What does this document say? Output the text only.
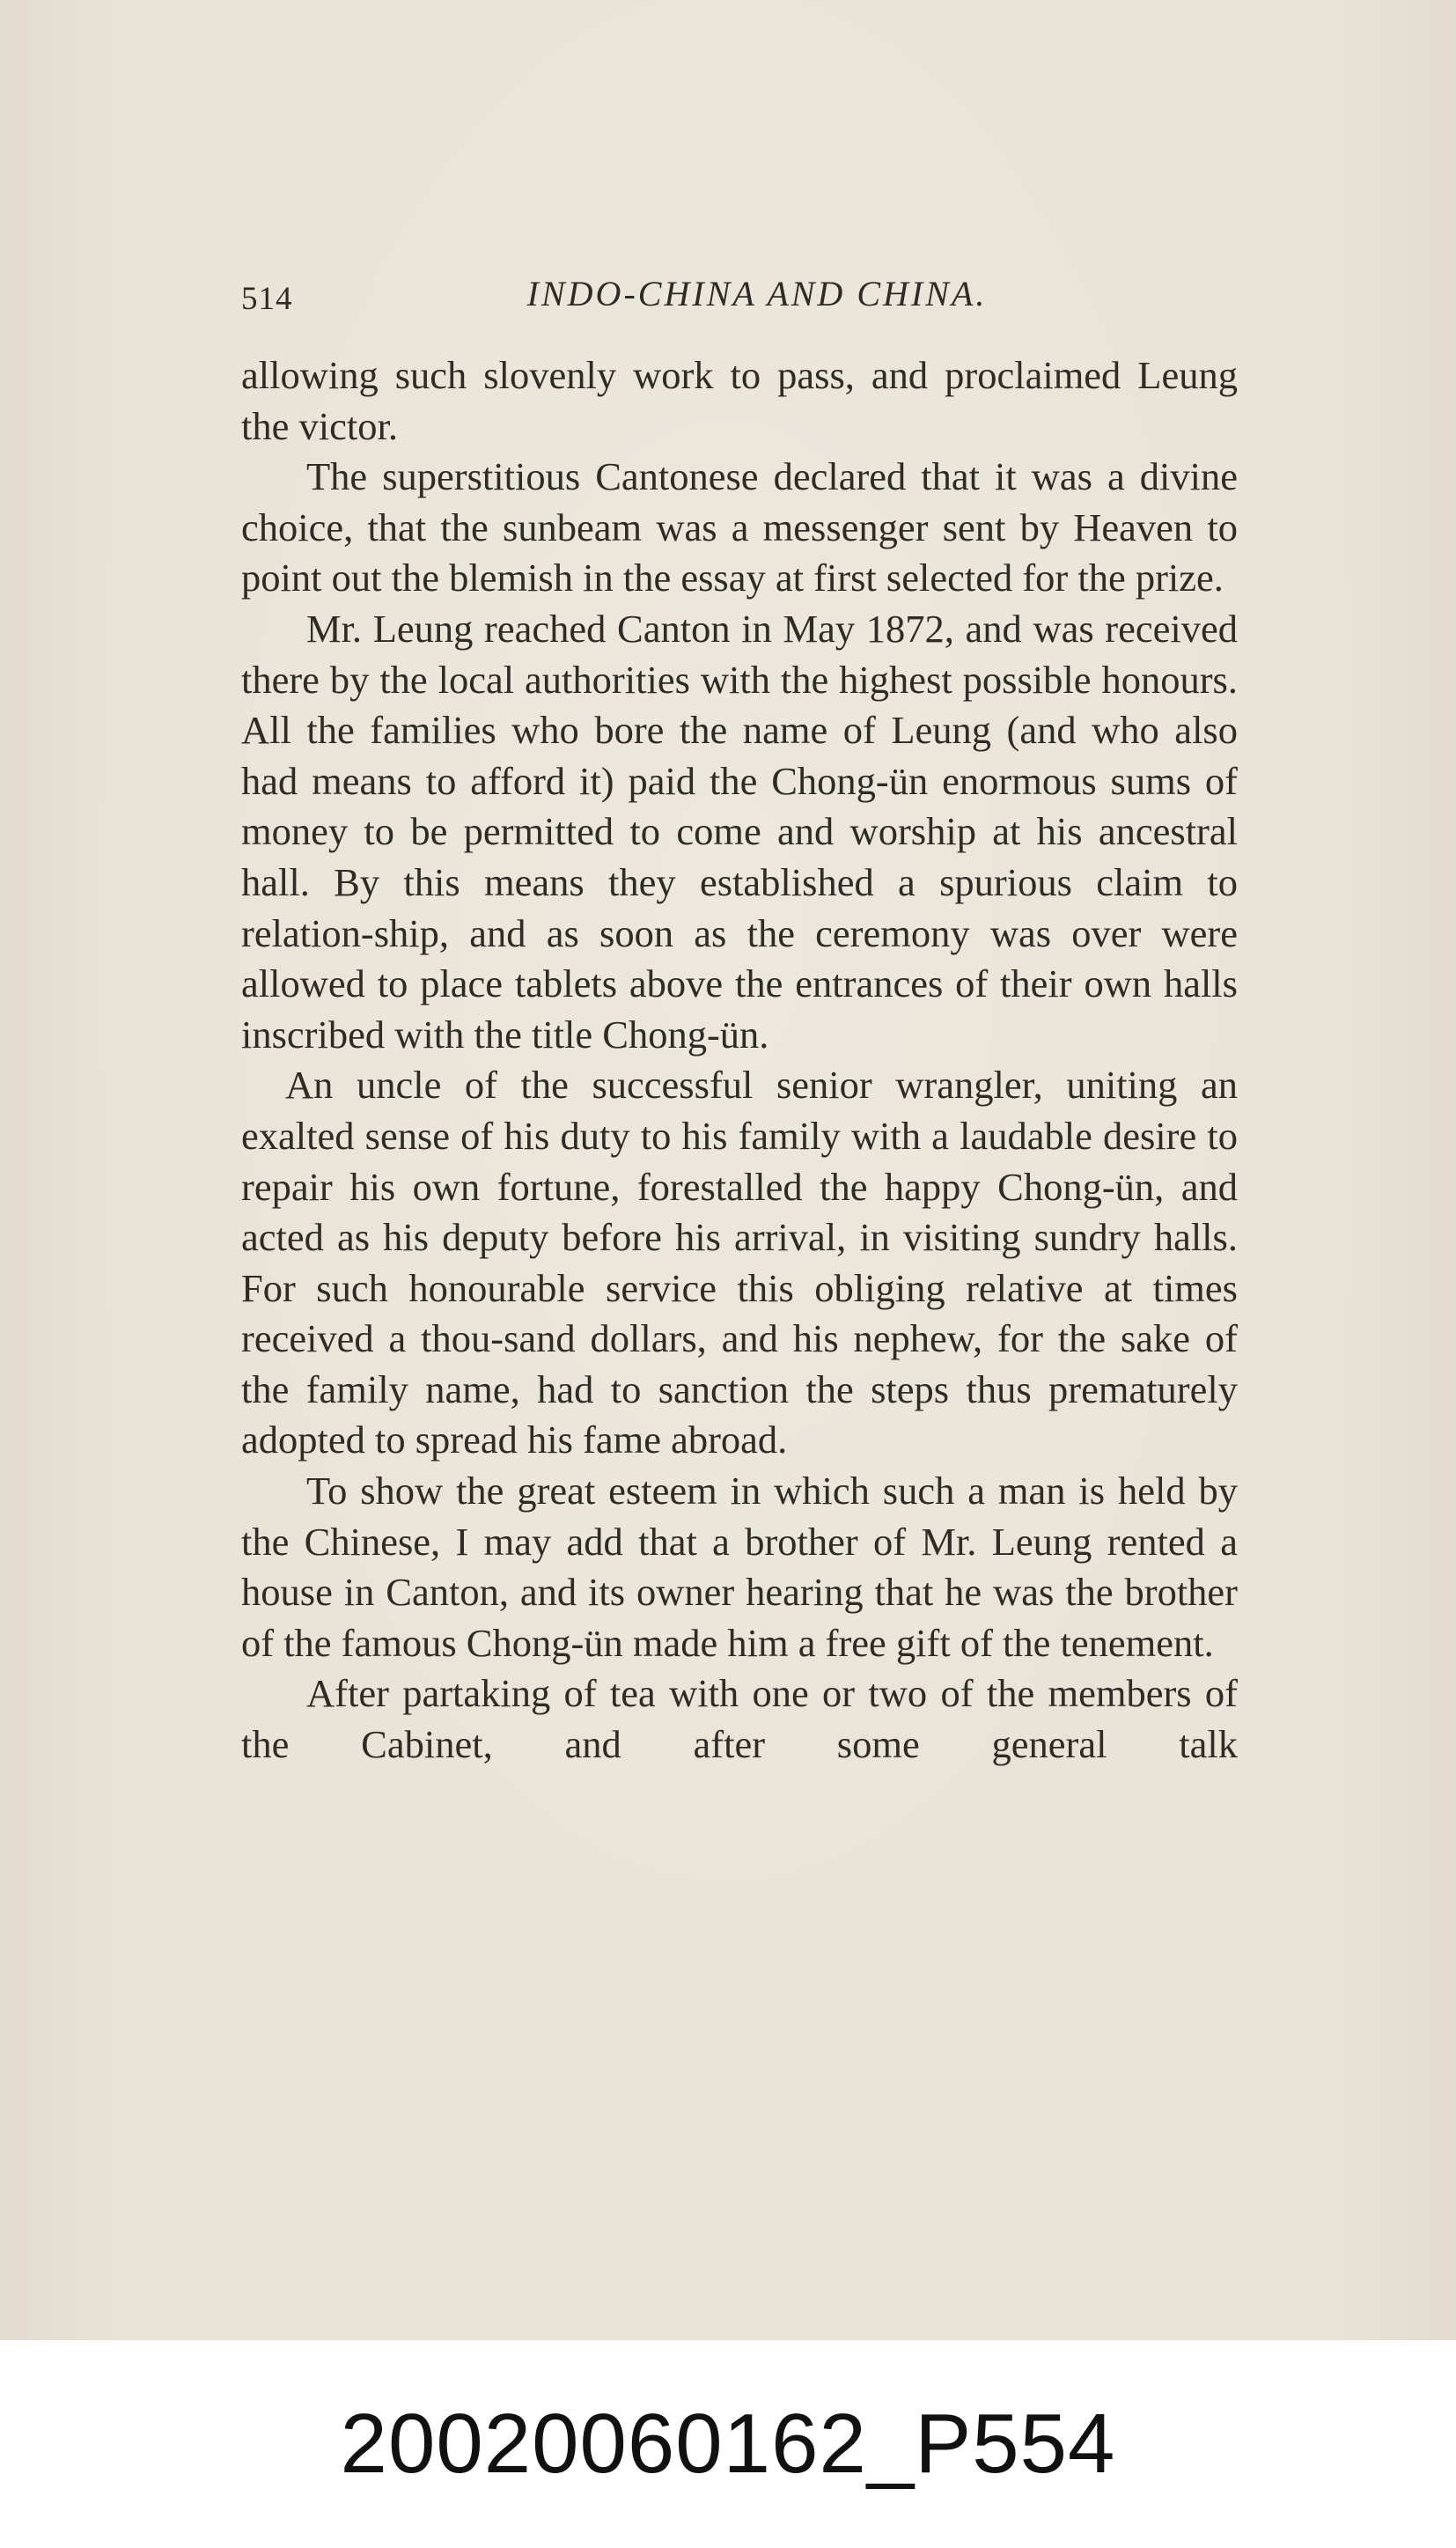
514	INDO-CHINA AND CHINA.

allowing such slovenly work to pass, and proclaimed Leung the victor.

The superstitious Cantonese declared that it was a divine choice, that the sunbeam was a messenger sent by Heaven to point out the blemish in the essay at first selected for the prize.

Mr. Leung reached Canton in May 1872, and was received there by the local authorities with the highest possible honours. All the families who bore the name of Leung (and who also had means to afford it) paid the Chong-ün enormous sums of money to be permitted to come and worship at his ancestral hall. By this means they established a spurious claim to relation-ship, and as soon as the ceremony was over were allowed to place tablets above the entrances of their own halls inscribed with the title Chong-ün.

An uncle of the successful senior wrangler, uniting an exalted sense of his duty to his family with a laudable desire to repair his own fortune, forestalled the happy Chong-ün, and acted as his deputy before his arrival, in visiting sundry halls. For such honourable service this obliging relative at times received a thou-sand dollars, and his nephew, for the sake of the family name, had to sanction the steps thus prematurely adopted to spread his fame abroad.

To show the great esteem in which such a man is held by the Chinese, I may add that a brother of Mr. Leung rented a house in Canton, and its owner hearing that he was the brother of the famous Chong-ün made him a free gift of the tenement.

After partaking of tea with one or two of the members of the Cabinet, and after some general talk

20020060162_P554
